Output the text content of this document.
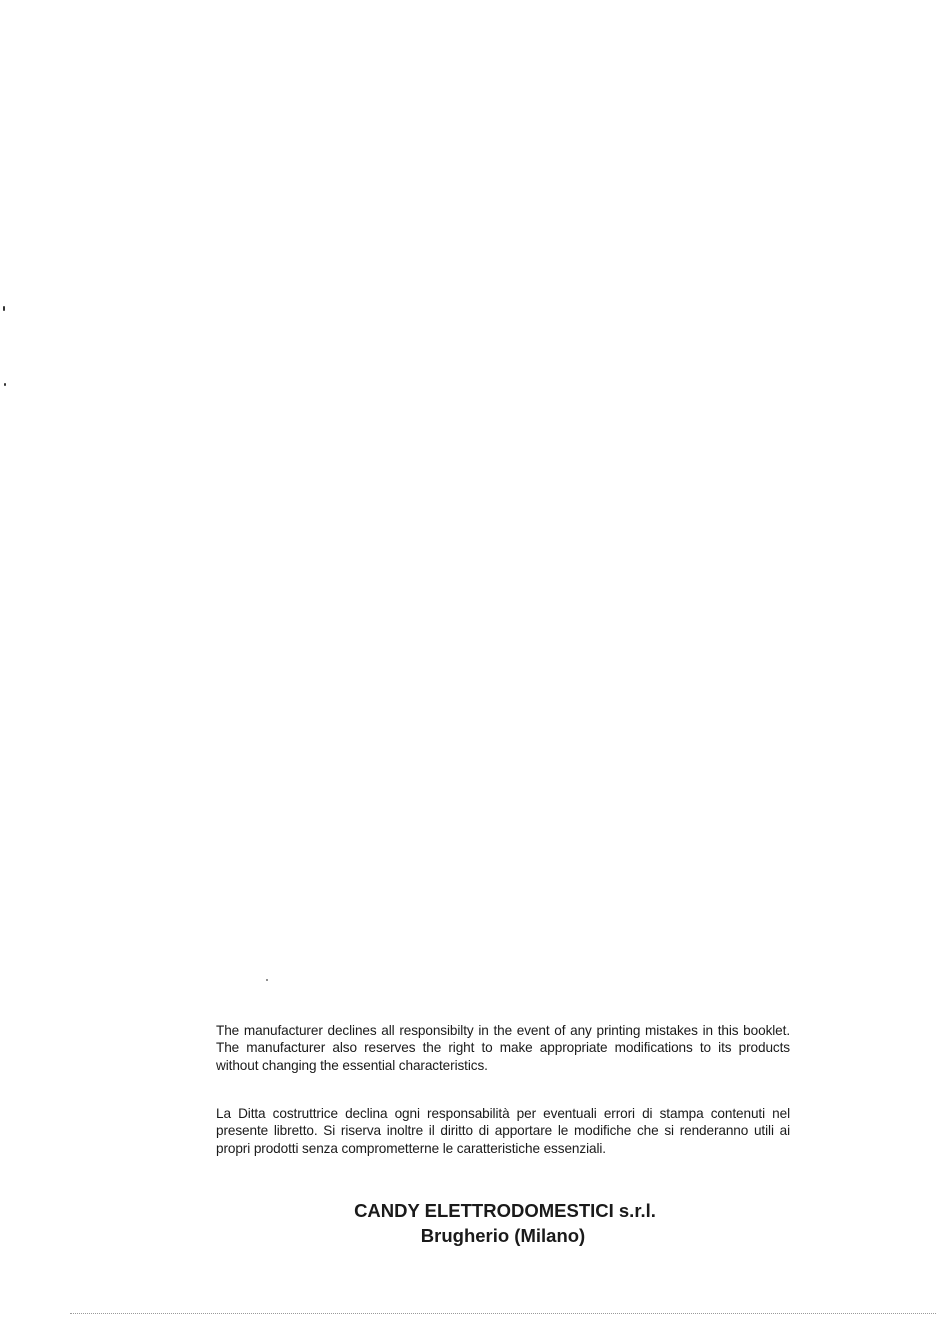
The manufacturer declines all responsibilty in the event of any printing mistakes in this booklet. The manufacturer also reserves the right to make appropriate modifications to its products without changing the essential characteristics.

La Ditta costruttrice declina ogni responsabilità per eventuali errori di stampa contenuti nel presente libretto. Si riserva inoltre il diritto di apportare le modifiche che si renderanno utili ai propri prodotti senza comprometterne le caratteristiche essenziali.

CANDY ELETTRODOMESTICI s.r.l.
Brugherio (Milano)
